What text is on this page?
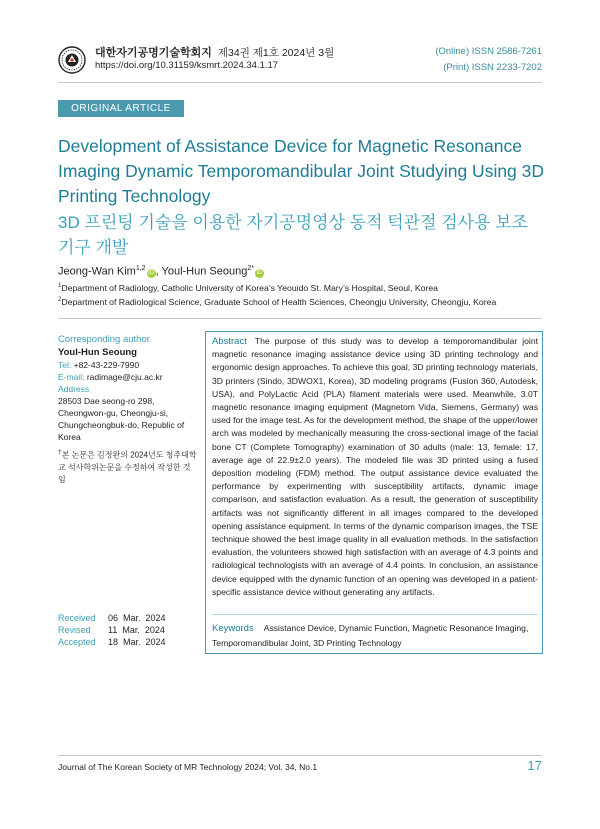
대한자기공명기술학회지 제34권 제1호 2024년 3월
https://doi.org/10.31159/ksmrt.2024.34.1.17
(Online) ISSN 2586-7261
(Print) ISSN 2233-7202
ORIGINAL ARTICLE
Development of Assistance Device for Magnetic Resonance Imaging Dynamic Temporomandibular Joint Studying Using 3D Printing Technology
3D 프린팅 기술을 이용한 자기공명영상 동적 턱관절 검사용 보조기구 개발
Jeong-Wan Kim$^{1,2}$iD , Youl-Hun Seoung$^{2*}$iD
$^1$Department of Radiology, Catholic University of Korea’s Yeouido St. Mary’s Hospital, Seoul, Korea
$^2$Department of Radiological Science, Graduate School of Health Sciences, Cheongju University, Cheongju, Korea
Corresponding author
Youl-Hun Seoung
Tel: +82-43-229-7990
E-mail: radimage@cju.ac.kr
Address
28503 Dae seong-ro 298, Cheongwon-gu, Cheongju-si, Chungcheongbuk-do, Republic of Korea
†본 논문은 김정완의 2024년도 청주대학교 석사학위논문을 수정하여 작성한 것임
Received	06  Mar.  2024
Revised	11  Mar.  2024
Accepted	18  Mar.  2024
Abstract The purpose of this study was to develop a temporomandibular joint magnetic resonance imaging assistance device using 3D printing technology and ergonomic design approaches. To achieve this goal, 3D printing technology materials, 3D printers (Sindo, 3DWOX1, Korea), 3D modeling programs (Fusion 360, Autodesk, USA), and PolyLactic Acid (PLA) filament materials were used. Meanwhile, 3.0T magnetic resonance imaging equipment (Magnetom Vida, Siemens, Germany) was used for the image test. As for the development method, the shape of the upper/lower arch was modeled by mechanically measuring the cross-sectional image of the facial bone CT (Complete Tomography) examination of 30 adults (male: 13, female: 17, average age of 22.9±2.0 years). The modeled file was 3D printed using a fused deposition modeling (FDM) method. The output assistance device evaluated the performance by experimenting with susceptibility artifacts, dynamic image comparison, and satisfaction evaluation. As a result, the generation of susceptibility artifacts was not significantly different in all images compared to the developed opening assistance equipment. In terms of the dynamic comparison images, the TSE technique showed the best image quality in all evaluation methods. In the satisfaction evaluation, the volunteers showed high satisfaction with an average of 4.3 points and radiological technologists with an average of 4.4 points. In conclusion, an assistance device equipped with the dynamic function of an opening was developed in a patient-specific assistance device without generating any artifacts.
Keywords Assistance Device, Dynamic Function, Magnetic Resonance Imaging, Temporomandibular Joint, 3D Printing Technology
Journal of The Korean Society of MR Technology 2024; Vol. 34, No.1	17
